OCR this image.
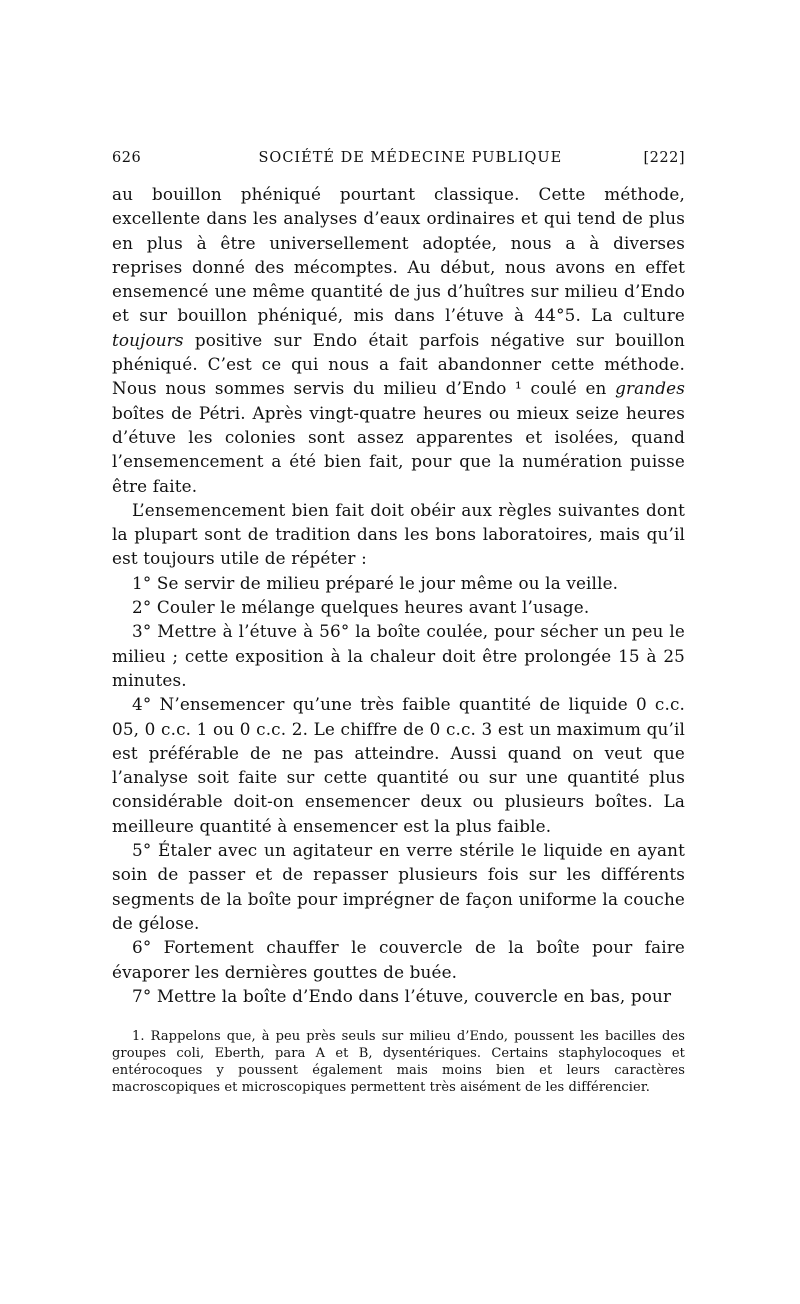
626	SOCIÉTÉ DE MÉDECINE PUBLIQUE	[222]

au bouillon phéniqué pourtant classique. Cette méthode, excellente dans les analyses d’eaux ordinaires et qui tend de plus en plus à être universellement adoptée, nous a à diverses reprises donné des mécomptes. Au début, nous avons en effet ensemencé une même quantité de jus d’huîtres sur milieu d’Endo et sur bouillon phéniqué, mis dans l’étuve à 44°5. La culture toujours positive sur Endo était parfois négative sur bouillon phéniqué. C’est ce qui nous a fait abandonner cette méthode. Nous nous sommes servis du milieu d’Endo ¹ coulé en grandes boîtes de Pétri. Après vingt-quatre heures ou mieux seize heures d’étuve les colonies sont assez apparentes et isolées, quand l’ensemencement a été bien fait, pour que la numération puisse être faite.

L’ensemencement bien fait doit obéir aux règles suivantes dont la plupart sont de tradition dans les bons laboratoires, mais qu’il est toujours utile de répéter :

1° Se servir de milieu préparé le jour même ou la veille.

2° Couler le mélange quelques heures avant l’usage.

3° Mettre à l’étuve à 56° la boîte coulée, pour sécher un peu le milieu ; cette exposition à la chaleur doit être prolongée 15 à 25 minutes.

4° N’ensemencer qu’une très faible quantité de liquide 0 c.c. 05, 0 c.c. 1 ou 0 c.c. 2. Le chiffre de 0 c.c. 3 est un maximum qu’il est préférable de ne pas atteindre. Aussi quand on veut que l’analyse soit faite sur cette quantité ou sur une quantité plus considérable doit-on ensemencer deux ou plusieurs boîtes. La meilleure quantité à ensemencer est la plus faible.

5° Étaler avec un agitateur en verre stérile le liquide en ayant soin de passer et de repasser plusieurs fois sur les différents segments de la boîte pour imprégner de façon uniforme la couche de gélose.

6° Fortement chauffer le couvercle de la boîte pour faire évaporer les dernières gouttes de buée.

7° Mettre la boîte d’Endo dans l’étuve, couvercle en bas, pour

1. Rappelons que, à peu près seuls sur milieu d’Endo, poussent les bacilles des groupes coli, Eberth, para A et B, dysentériques. Certains staphylocoques et entérocoques y poussent également mais moins bien et leurs caractères macroscopiques et microscopiques permettent très aisément de les différencier.
